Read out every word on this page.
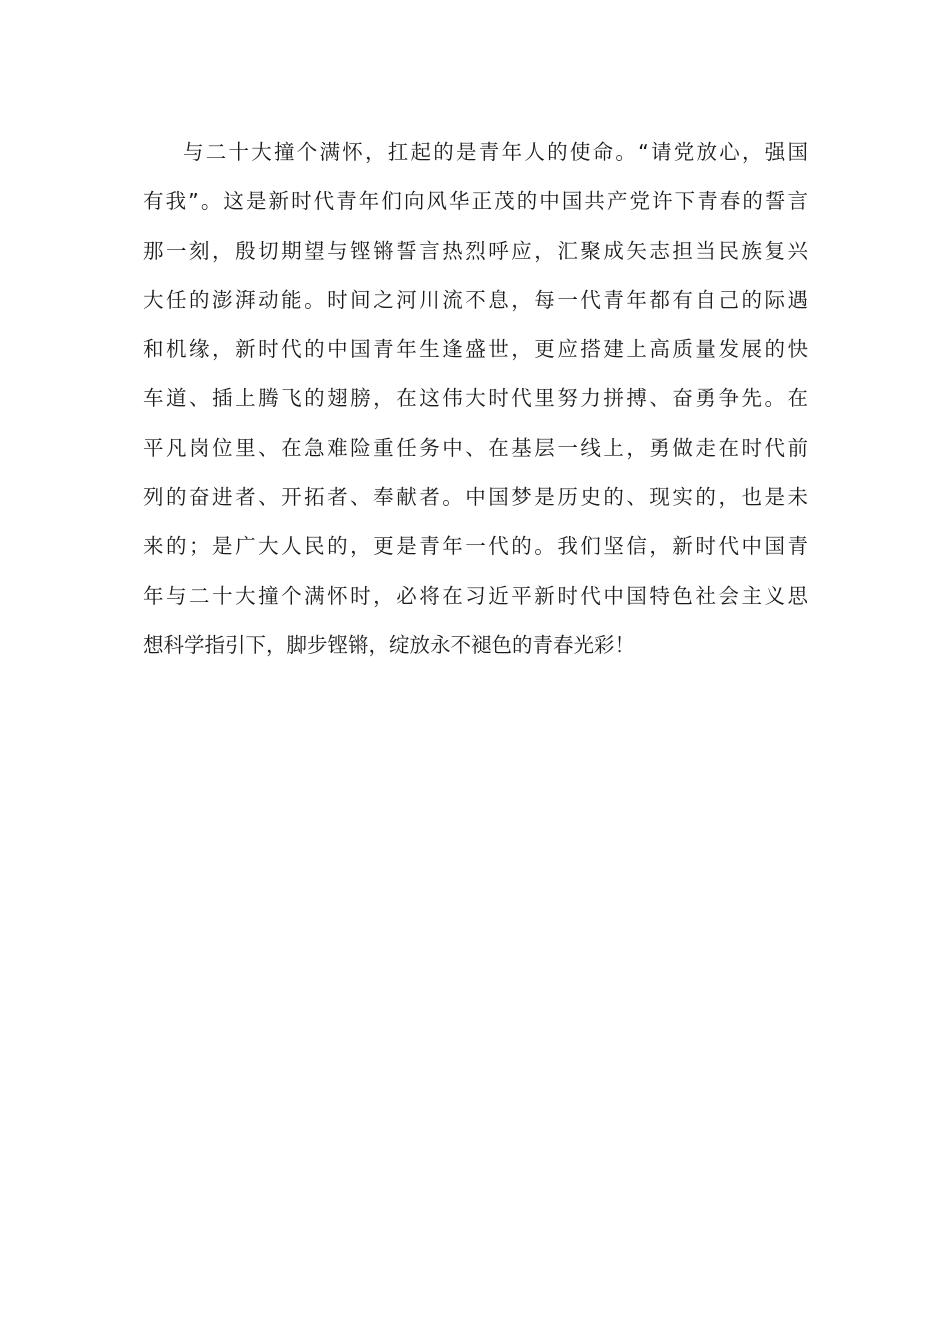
与二十大撞个满怀，扛起的是青年人的使命。“请党放心，强国
有我”。这是新时代青年们向风华正茂的中国共产党许下青春的誓言
那一刻，殷切期望与铿锵誓言热烈呼应，汇聚成矢志担当民族复兴
大任的澎湃动能。时间之河川流不息，每一代青年都有自己的际遇
和机缘，新时代的中国青年生逢盛世，更应搭建上高质量发展的快
车道、插上腾飞的翅膀，在这伟大时代里努力拼搏、奋勇争先。在
平凡岗位里、在急难险重任务中、在基层一线上，勇做走在时代前
列的奋进者、开拓者、奉献者。中国梦是历史的、现实的，也是未
来的；是广大人民的，更是青年一代的。我们坚信，新时代中国青
年与二十大撞个满怀时，必将在习近平新时代中国特色社会主义思
想科学指引下，脚步铿锵，绽放永不褪色的青春光彩！
